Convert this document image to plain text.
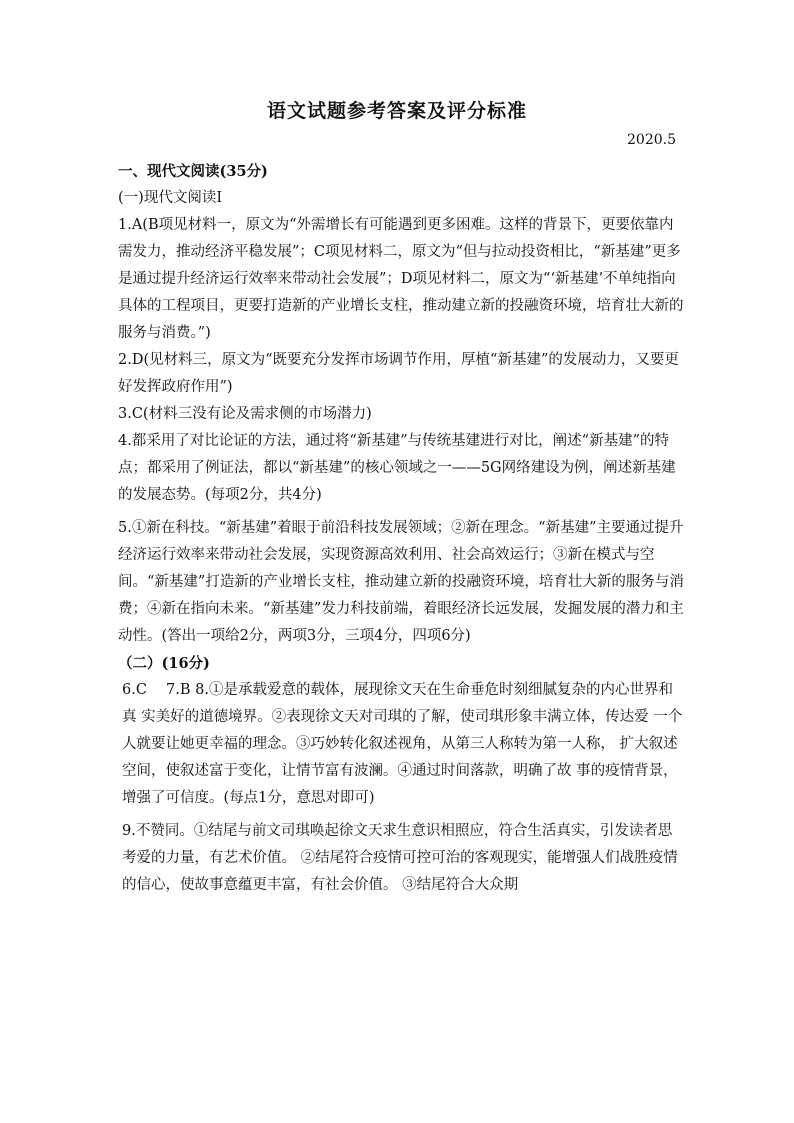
语文试题参考答案及评分标准
2020.5

一、现代文阅读(35分)

(一)现代文阅读Ⅰ

1.A(B项见材料一，原文为“外需增长有可能遇到更多困难。这样的背景下，更要依靠内需发力，推动经济平稳发展”；C项见材料二，原文为“但与拉动投资相比，“新基建”更多是通过提升经济运行效率来带动社会发展”；D项见材料二，原文为“‘新基建’不单纯指向具体的工程项目，更要打造新的产业增长支柱，推动建立新的投融资环境，培育壮大新的服务与消费。”)

2.D(见材料三，原文为“既要充分发挥市场调节作用，厚植“新基建”的发展动力，又要更好发挥政府作用”)

3.C(材料三没有论及需求侧的市场潜力)

4.都采用了对比论证的方法，通过将“新基建”与传统基建进行对比，阐述“新基建”的特点；都采用了例证法，都以“新基建”的核心领域之一——5G网络建设为例，阐述新基建的发展态势。(每项2分，共4分)

5.①新在科技。“新基建”着眼于前沿科技发展领域；②新在理念。“新基建”主要通过提升经济运行效率来带动社会发展，实现资源高效利用、社会高效运行；③新在模式与空间。“新基建”打造新的产业增长支柱，推动建立新的投融资环境，培育壮大新的服务与消费；④新在指向未来。“新基建”发力科技前端，着眼经济长远发展，发掘发展的潜力和主动性。(答出一项给2分，两项3分，三项4分，四项6分)

（二）(16分)

6.C　 7.B 8.①是承载爱意的载体，展现徐文天在生命垂危时刻细腻复杂的内心世界和真 实美好的道德境界。②表现徐文天对司琪的了解，使司琪形象丰满立体，传达爱 一个人就要让她更幸福的理念。③巧妙转化叙述视角，从第三人称转为第一人称， 扩大叙述空间，使叙述富于变化，让情节富有波澜。④通过时间落款，明确了故 事的疫情背景，增强了可信度。(每点1分，意思对即可)

9.不赞同。①结尾与前文司琪唤起徐文天求生意识相照应，符合生活真实，引发读者思考爱的力量，有艺术价值。 ②结尾符合疫情可控可治的客观现实，能增强人们战胜疫情的信心，使故事意蕴更丰富，有社会价值。 ③结尾符合大众期
